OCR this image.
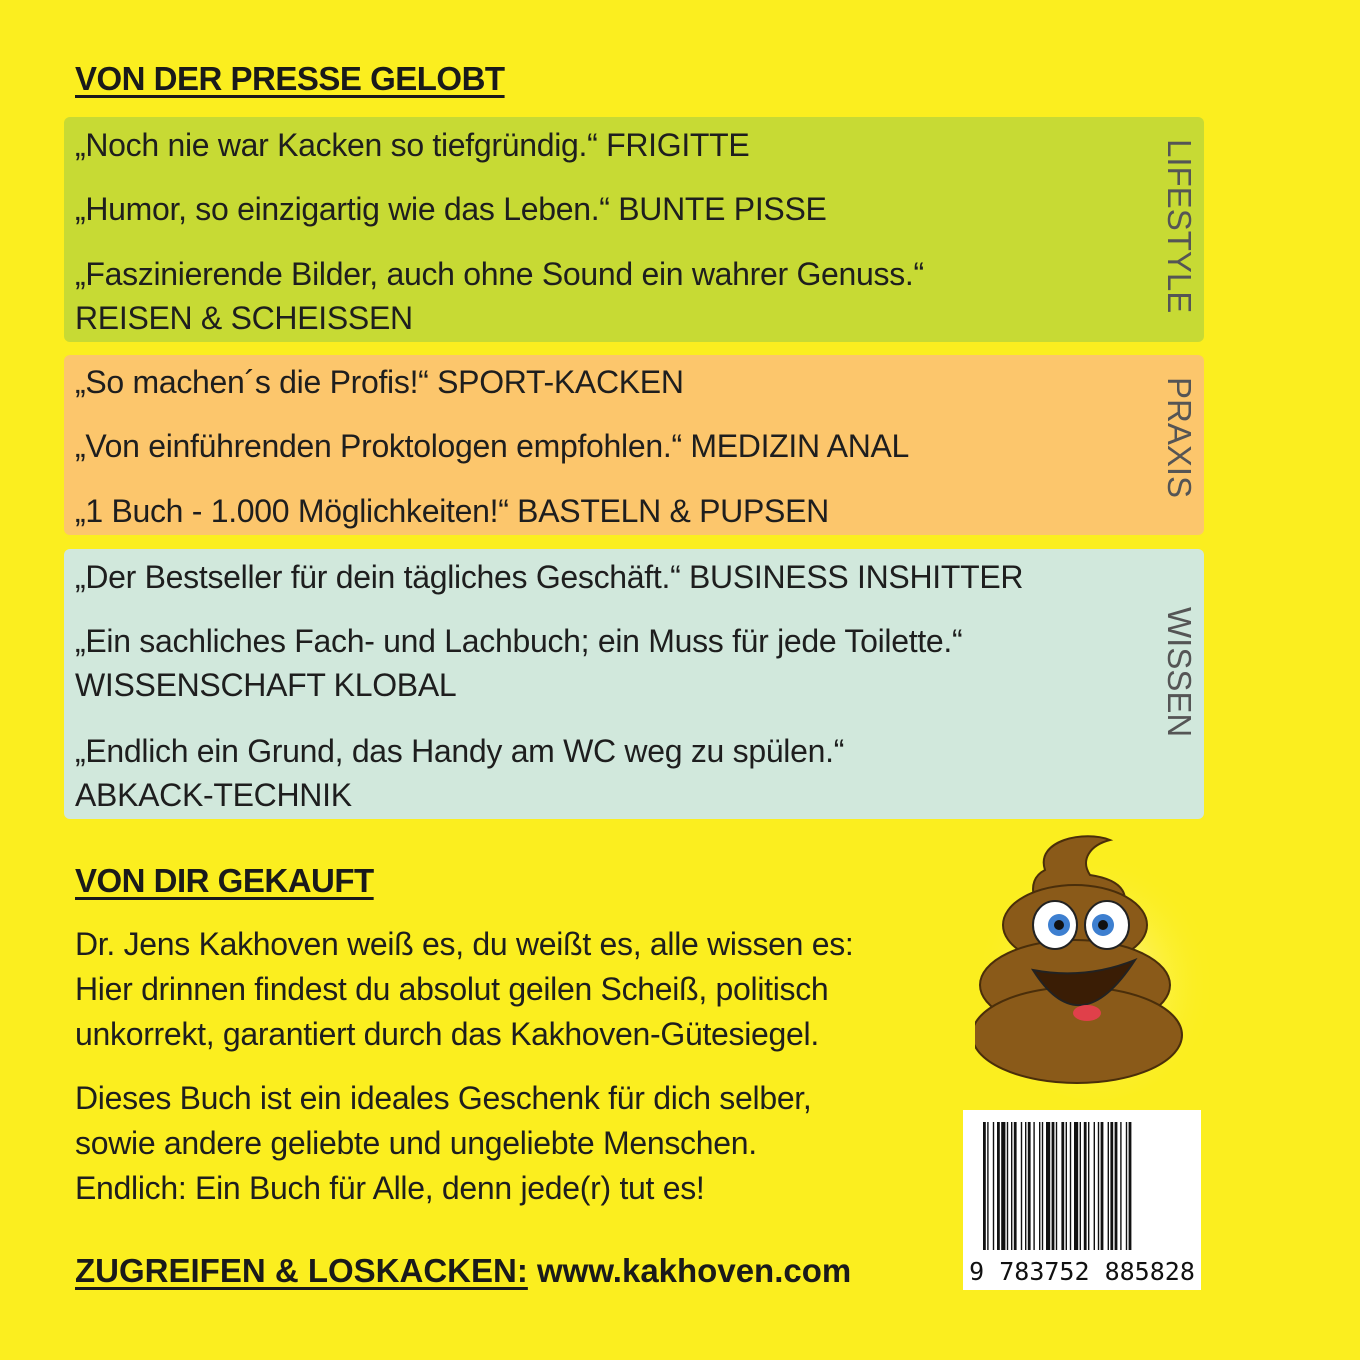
VON DER PRESSE GELOBT
„Noch nie war Kacken so tiefgründig.“ FRIGITTE
„Humor, so einzigartig wie das Leben.“ BUNTE PISSE
„Faszinierende Bilder, auch ohne Sound ein wahrer Genuss.“
REISEN & SCHEISSEN
LIFESTYLE
„So machen´s die Profis!“ SPORT-KACKEN
„Von einführenden Proktologen empfohlen.“ MEDIZIN ANAL
„1 Buch - 1.000 Möglichkeiten!“ BASTELN & PUPSEN
PRAXIS
„Der Bestseller für dein tägliches Geschäft.“ BUSINESS INSHITTER
„Ein sachliches Fach- und Lachbuch; ein Muss für jede Toilette.“
WISSENSCHAFT KLOBAL
„Endlich ein Grund, das Handy am WC weg zu spülen.“
ABKACK-TECHNIK
WISSEN
VON DIR GEKAUFT
Dr. Jens Kakhoven weiß es, du weißt es, alle wissen es:
Hier drinnen findest du absolut geilen Scheiß, politisch
unkorrekt, garantiert durch das Kakhoven-Gütesiegel.
Dieses Buch ist ein ideales Geschenk für dich selber,
sowie andere geliebte und ungeliebte Menschen.
Endlich: Ein Buch für Alle, denn jede(r) tut es!
ZUGREIFEN & LOSKACKEN: www.kakhoven.com	9 783752 885828
